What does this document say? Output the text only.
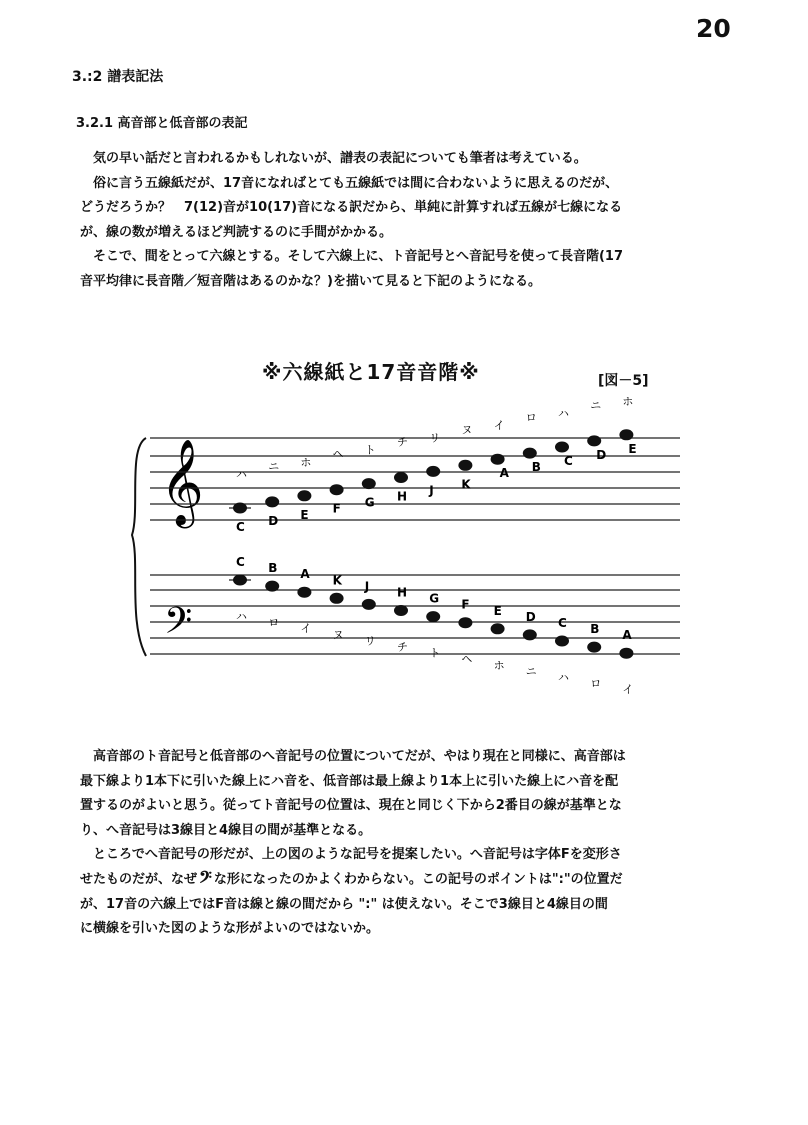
20
3.:2 譜表記法
3.2.1 高音部と低音部の表記
気の早い話だと言われるかもしれないが、譜表の表記についても筆者は考えている。
俗に言う五線紙だが、17音になればとても五線紙では間に合わないように思えるのだが、
どうだろうか？　7(12)音が10(17)音になる訳だから、単純に計算すれば五線が七線になる
が、線の数が増えるほど判読するのに手間がかかる。
そこで、間をとって六線とする。そして六線上に、ト音記号とへ音記号を使って長音階(17
音平均律に長音階／短音階はあるのかな？)を描いて見ると下記のようになる。
※六線紙と17音音階※	[図－5]
𝄞
𝄢
C
ハ
D
ニ
E
ホ
F
ヘ
G
ト
H
チ
J
リ
K
ヌ
A
イ
B
ロ
C
ハ
D
ニ
E
ホ
C
ハ
B
ロ
A
イ
K
ヌ
J
リ
H
チ
G
ト
F
ヘ
E
ホ
D
ニ
C
ハ
B
ロ
A
イ
高音部のト音記号と低音部のへ音記号の位置についてだが、やはり現在と同様に、高音部は
最下線より1本下に引いた線上にハ音を、低音部は最上線より1本上に引いた線上にハ音を配
置するのがよいと思う。従ってト音記号の位置は、現在と同じく下から2番目の線が基準とな
り、へ音記号は3線目と4線目の間が基準となる。
ところでへ音記号の形だが、上の図のような記号を提案したい。へ音記号は字体Fを変形さ
せたものだが、なぜ 𝄢 な形になったのかよくわからない。この記号のポイントは":"の位置だ
が、17音の六線上ではF音は線と線の間だから ":" は使えない。そこで3線目と4線目の間
に横線を引いた図のような形がよいのではないか。
